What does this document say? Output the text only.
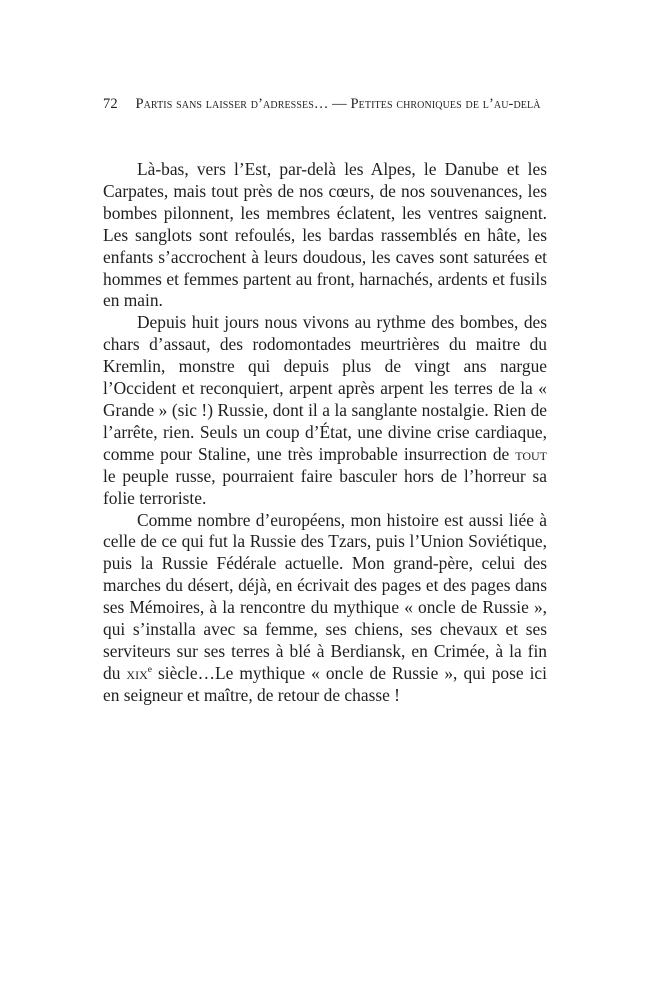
72 Partis sans laisser d’adresses… — Petites chroniques de l’au-delà

Là-bas, vers l’Est, par-delà les Alpes, le Danube et les Carpates, mais tout près de nos cœurs, de nos souvenances, les bombes pilonnent, les membres éclatent, les ventres saignent. Les sanglots sont refoulés, les bardas rassemblés en hâte, les enfants s’accrochent à leurs doudous, les caves sont saturées et hommes et femmes partent au front, harnachés, ardents et fusils en main.

Depuis huit jours nous vivons au rythme des bombes, des chars d’assaut, des rodomontades meurtrières du maitre du Kremlin, monstre qui depuis plus de vingt ans nargue l’Occident et reconquiert, arpent après arpent les terres de la « Grande » (sic !) Russie, dont il a la sanglante nostalgie. Rien de l’arrête, rien. Seuls un coup d’État, une divine crise cardiaque, comme pour Staline, une très improbable insurrection de tout le peuple russe, pourraient faire basculer hors de l’horreur sa folie terroriste.

Comme nombre d’européens, mon histoire est aussi liée à celle de ce qui fut la Russie des Tzars, puis l’Union Soviétique, puis la Russie Fédérale actuelle. Mon grand-père, celui des marches du désert, déjà, en écrivait des pages et des pages dans ses Mémoires, à la rencontre du mythique « oncle de Russie », qui s’installa avec sa femme, ses chiens, ses chevaux et ses serviteurs sur ses terres à blé à Berdiansk, en Crimée, à la fin du xix$^e$ siècle…Le mythique « oncle de Russie », qui pose ici en seigneur et maître, de retour de chasse !
